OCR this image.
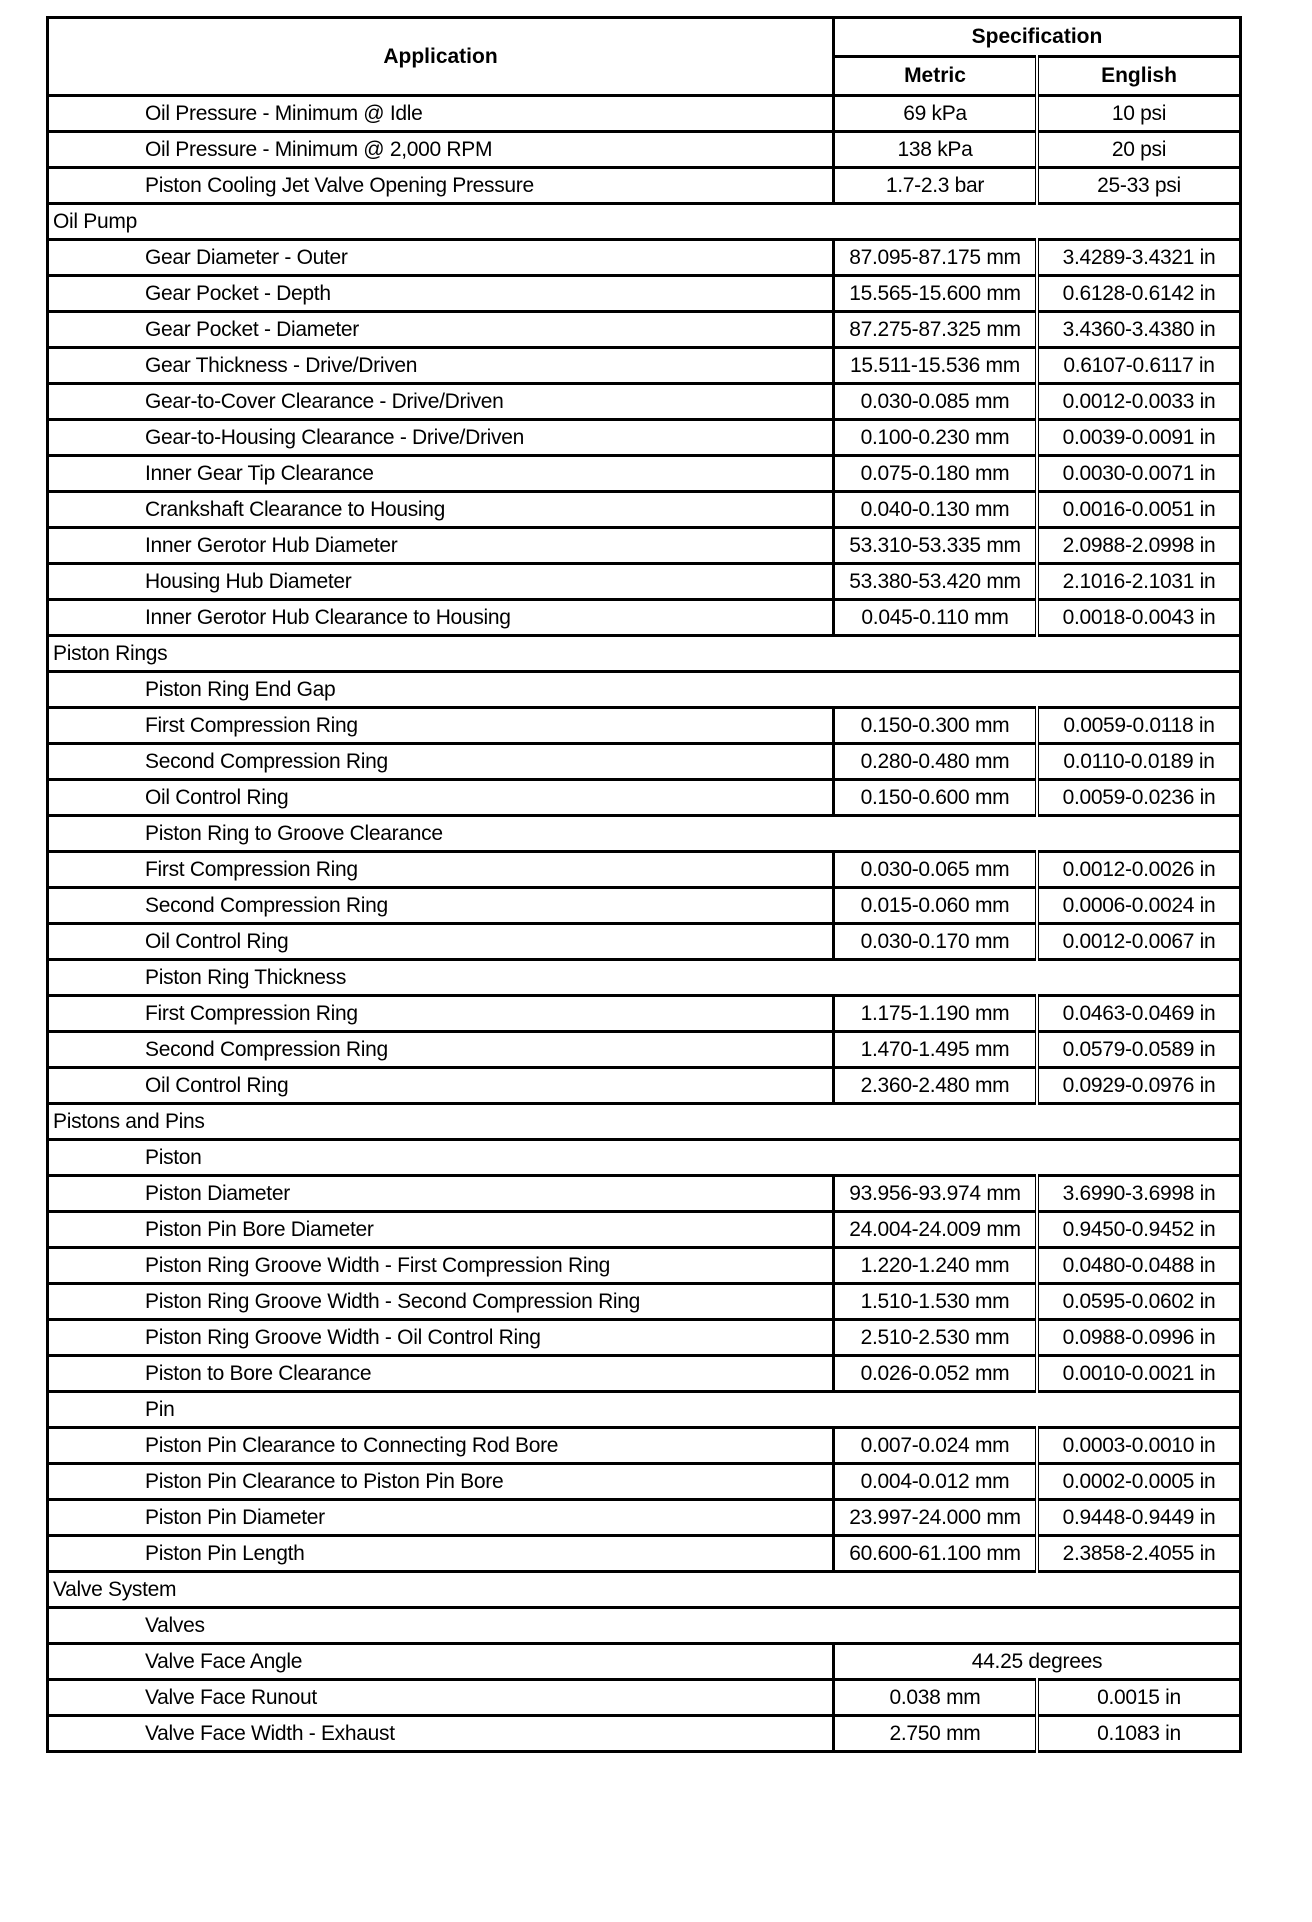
Application	Specification	
	Metric	English
Oil Pressure - Minimum @ Idle	69 kPa	10 psi
Oil Pressure - Minimum @ 2,000 RPM	138 kPa	20 psi
Piston Cooling Jet Valve Opening Pressure	1.7-2.3 bar	25-33 psi
Oil Pump		
Gear Diameter - Outer	87.095-87.175 mm	3.4289-3.4321 in
Gear Pocket - Depth	15.565-15.600 mm	0.6128-0.6142 in
Gear Pocket - Diameter	87.275-87.325 mm	3.4360-3.4380 in
Gear Thickness - Drive/Driven	15.511-15.536 mm	0.6107-0.6117 in
Gear-to-Cover Clearance - Drive/Driven	0.030-0.085 mm	0.0012-0.0033 in
Gear-to-Housing Clearance - Drive/Driven	0.100-0.230 mm	0.0039-0.0091 in
Inner Gear Tip Clearance	0.075-0.180 mm	0.0030-0.0071 in
Crankshaft Clearance to Housing	0.040-0.130 mm	0.0016-0.0051 in
Inner Gerotor Hub Diameter	53.310-53.335 mm	2.0988-2.0998 in
Housing Hub Diameter	53.380-53.420 mm	2.1016-2.1031 in
Inner Gerotor Hub Clearance to Housing	0.045-0.110 mm	0.0018-0.0043 in
Piston Rings		
Piston Ring End Gap		
First Compression Ring	0.150-0.300 mm	0.0059-0.0118 in
Second Compression Ring	0.280-0.480 mm	0.0110-0.0189 in
Oil Control Ring	0.150-0.600 mm	0.0059-0.0236 in
Piston Ring to Groove Clearance		
First Compression Ring	0.030-0.065 mm	0.0012-0.0026 in
Second Compression Ring	0.015-0.060 mm	0.0006-0.0024 in
Oil Control Ring	0.030-0.170 mm	0.0012-0.0067 in
Piston Ring Thickness		
First Compression Ring	1.175-1.190 mm	0.0463-0.0469 in
Second Compression Ring	1.470-1.495 mm	0.0579-0.0589 in
Oil Control Ring	2.360-2.480 mm	0.0929-0.0976 in
Pistons and Pins		
Piston		
Piston Diameter	93.956-93.974 mm	3.6990-3.6998 in
Piston Pin Bore Diameter	24.004-24.009 mm	0.9450-0.9452 in
Piston Ring Groove Width - First Compression Ring	1.220-1.240 mm	0.0480-0.0488 in
Piston Ring Groove Width - Second Compression Ring	1.510-1.530 mm	0.0595-0.0602 in
Piston Ring Groove Width - Oil Control Ring	2.510-2.530 mm	0.0988-0.0996 in
Piston to Bore Clearance	0.026-0.052 mm	0.0010-0.0021 in
Pin		
Piston Pin Clearance to Connecting Rod Bore	0.007-0.024 mm	0.0003-0.0010 in
Piston Pin Clearance to Piston Pin Bore	0.004-0.012 mm	0.0002-0.0005 in
Piston Pin Diameter	23.997-24.000 mm	0.9448-0.9449 in
Piston Pin Length	60.600-61.100 mm	2.3858-2.4055 in
Valve System		
Valves		
Valve Face Angle	44.25 degrees	
Valve Face Runout	0.038 mm	0.0015 in
Valve Face Width - Exhaust	2.750 mm	0.1083 in
